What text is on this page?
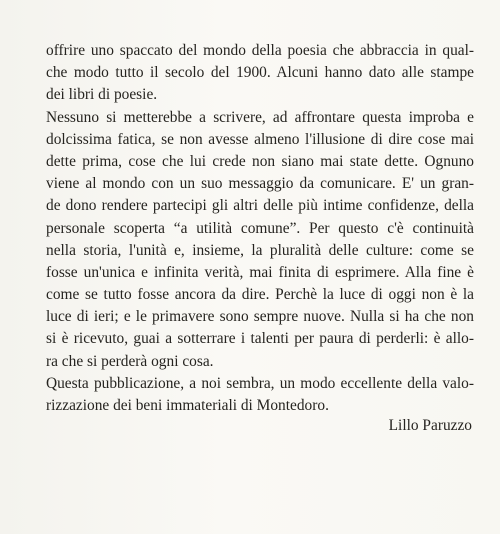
offrire uno spaccato del mondo della poesia che abbraccia in qual-
che modo tutto il secolo del 1900. Alcuni hanno dato alle stampe
dei libri di poesie.
Nessuno si metterebbe a scrivere, ad affrontare questa improba e
dolcissima fatica, se non avesse almeno l'illusione di dire cose mai
dette prima, cose che lui crede non siano mai state dette. Ognuno
viene al mondo con un suo messaggio da comunicare. E' un gran-
de dono rendere partecipi gli altri delle più intime confidenze, della
personale scoperta “a utilità comune”. Per questo c'è continuità
nella storia, l'unità e, insieme, la pluralità delle culture: come se
fosse un'unica e infinita verità, mai finita di esprimere. Alla fine è
come se tutto fosse ancora da dire. Perchè la luce di oggi non è la
luce di ieri; e le primavere sono sempre nuove. Nulla si ha che non
si è ricevuto, guai a sotterrare i talenti per paura di perderli: è allo-
ra che si perderà ogni cosa.
Questa pubblicazione, a noi sembra, un modo eccellente della valo-
rizzazione dei beni immateriali di Montedoro.
Lillo Paruzzo
